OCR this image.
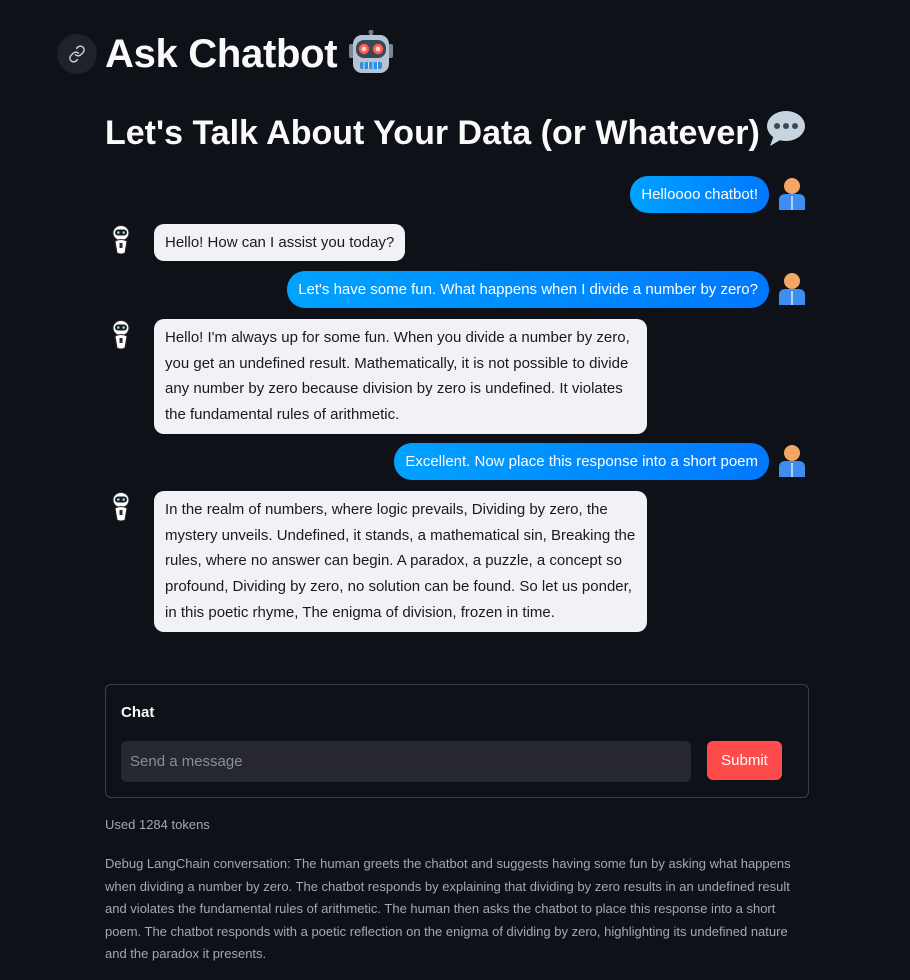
Ask Chatbot
Let's Talk About Your Data (or Whatever)
Helloooo chatbot!
Hello! How can I assist you today?
Let's have some fun. What happens when I divide a number by zero?
Hello! I'm always up for some fun. When you divide a number by zero, you get an undefined result. Mathematically, it is not possible to divide any number by zero because division by zero is undefined. It violates the fundamental rules of arithmetic.
Excellent. Now place this response into a short poem
In the realm of numbers, where logic prevails, Dividing by zero, the mystery unveils. Undefined, it stands, a mathematical sin, Breaking the rules, where no answer can begin. A paradox, a puzzle, a concept so profound, Dividing by zero, no solution can be found. So let us ponder, in this poetic rhyme, The enigma of division, frozen in time.
Chat
Send a message
Submit
Used 1284 tokens
Debug LangChain conversation: The human greets the chatbot and suggests having some fun by asking what happens when dividing a number by zero. The chatbot responds by explaining that dividing by zero results in an undefined result and violates the fundamental rules of arithmetic. The human then asks the chatbot to place this response into a short poem. The chatbot responds with a poetic reflection on the enigma of dividing by zero, highlighting its undefined nature and the paradox it presents.
